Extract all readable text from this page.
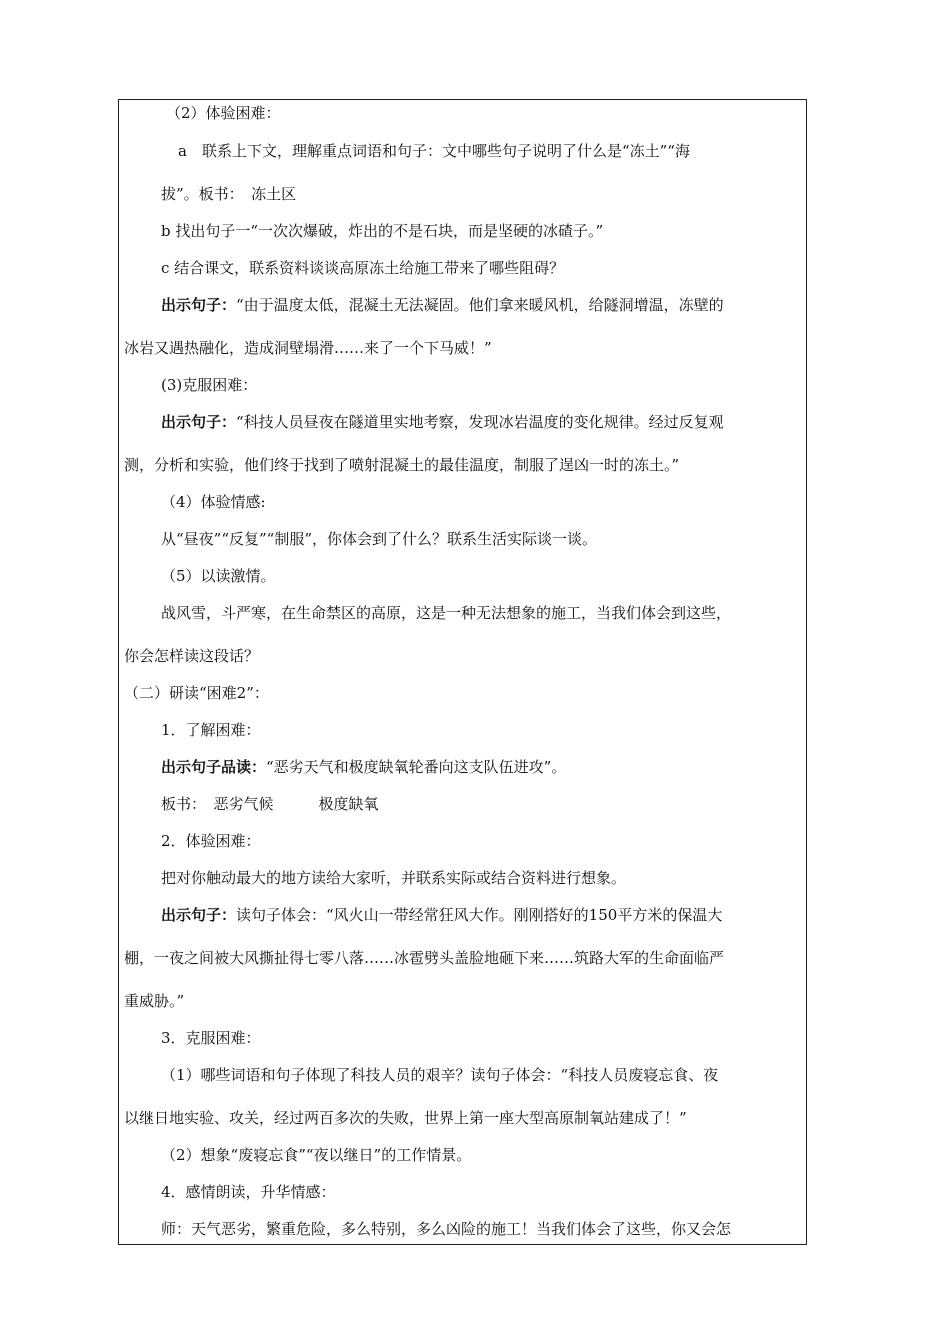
（2）体验困难：

a　联系上下文，理解重点词语和句子：文中哪些句子说明了什么是“冻土”“海

拔”。板书：　冻土区

b 找出句子一“一次次爆破，炸出的不是石块，而是坚硬的冰碴子。”

c 结合课文，联系资料谈谈高原冻土给施工带来了哪些阻碍？

出示句子：“由于温度太低，混凝土无法凝固。他们拿来暖风机，给隧洞增温，冻壁的

冰岩又遇热融化，造成洞壁塌滑……来了一个下马威！”

(3)克服困难：

出示句子：“科技人员昼夜在隧道里实地考察，发现冰岩温度的变化规律。经过反复观

测，分析和实验，他们终于找到了喷射混凝土的最佳温度，制服了逞凶一时的冻土。”

（4）体验情感:

从“昼夜”“反复”“制服”，你体会到了什么？联系生活实际谈一谈。

（5）以读激情。

战风雪，斗严寒，在生命禁区的高原，这是一种无法想象的施工，当我们体会到这些，

你会怎样读这段话？

（二）研读“困难2”：

1．了解困难：

出示句子品读：“恶劣天气和极度缺氧轮番向这支队伍进攻”。

板书：　恶劣气候　　　极度缺氧

2．体验困难：

把对你触动最大的地方读给大家听，并联系实际或结合资料进行想象。

出示句子：读句子体会：“风火山一带经常狂风大作。刚刚搭好的150平方米的保温大

棚，一夜之间被大风撕扯得七零八落……冰雹劈头盖脸地砸下来……筑路大军的生命面临严

重威胁。”

3．克服困难：

（1）哪些词语和句子体现了科技人员的艰辛？读句子体会：“科技人员废寝忘食、夜

以继日地实验、攻关，经过两百多次的失败，世界上第一座大型高原制氧站建成了！”

（2）想象“废寝忘食”“夜以继日”的工作情景。

4．感情朗读，升华情感：

师：天气恶劣，繁重危险，多么特别，多么凶险的施工！当我们体会了这些，你又会怎
